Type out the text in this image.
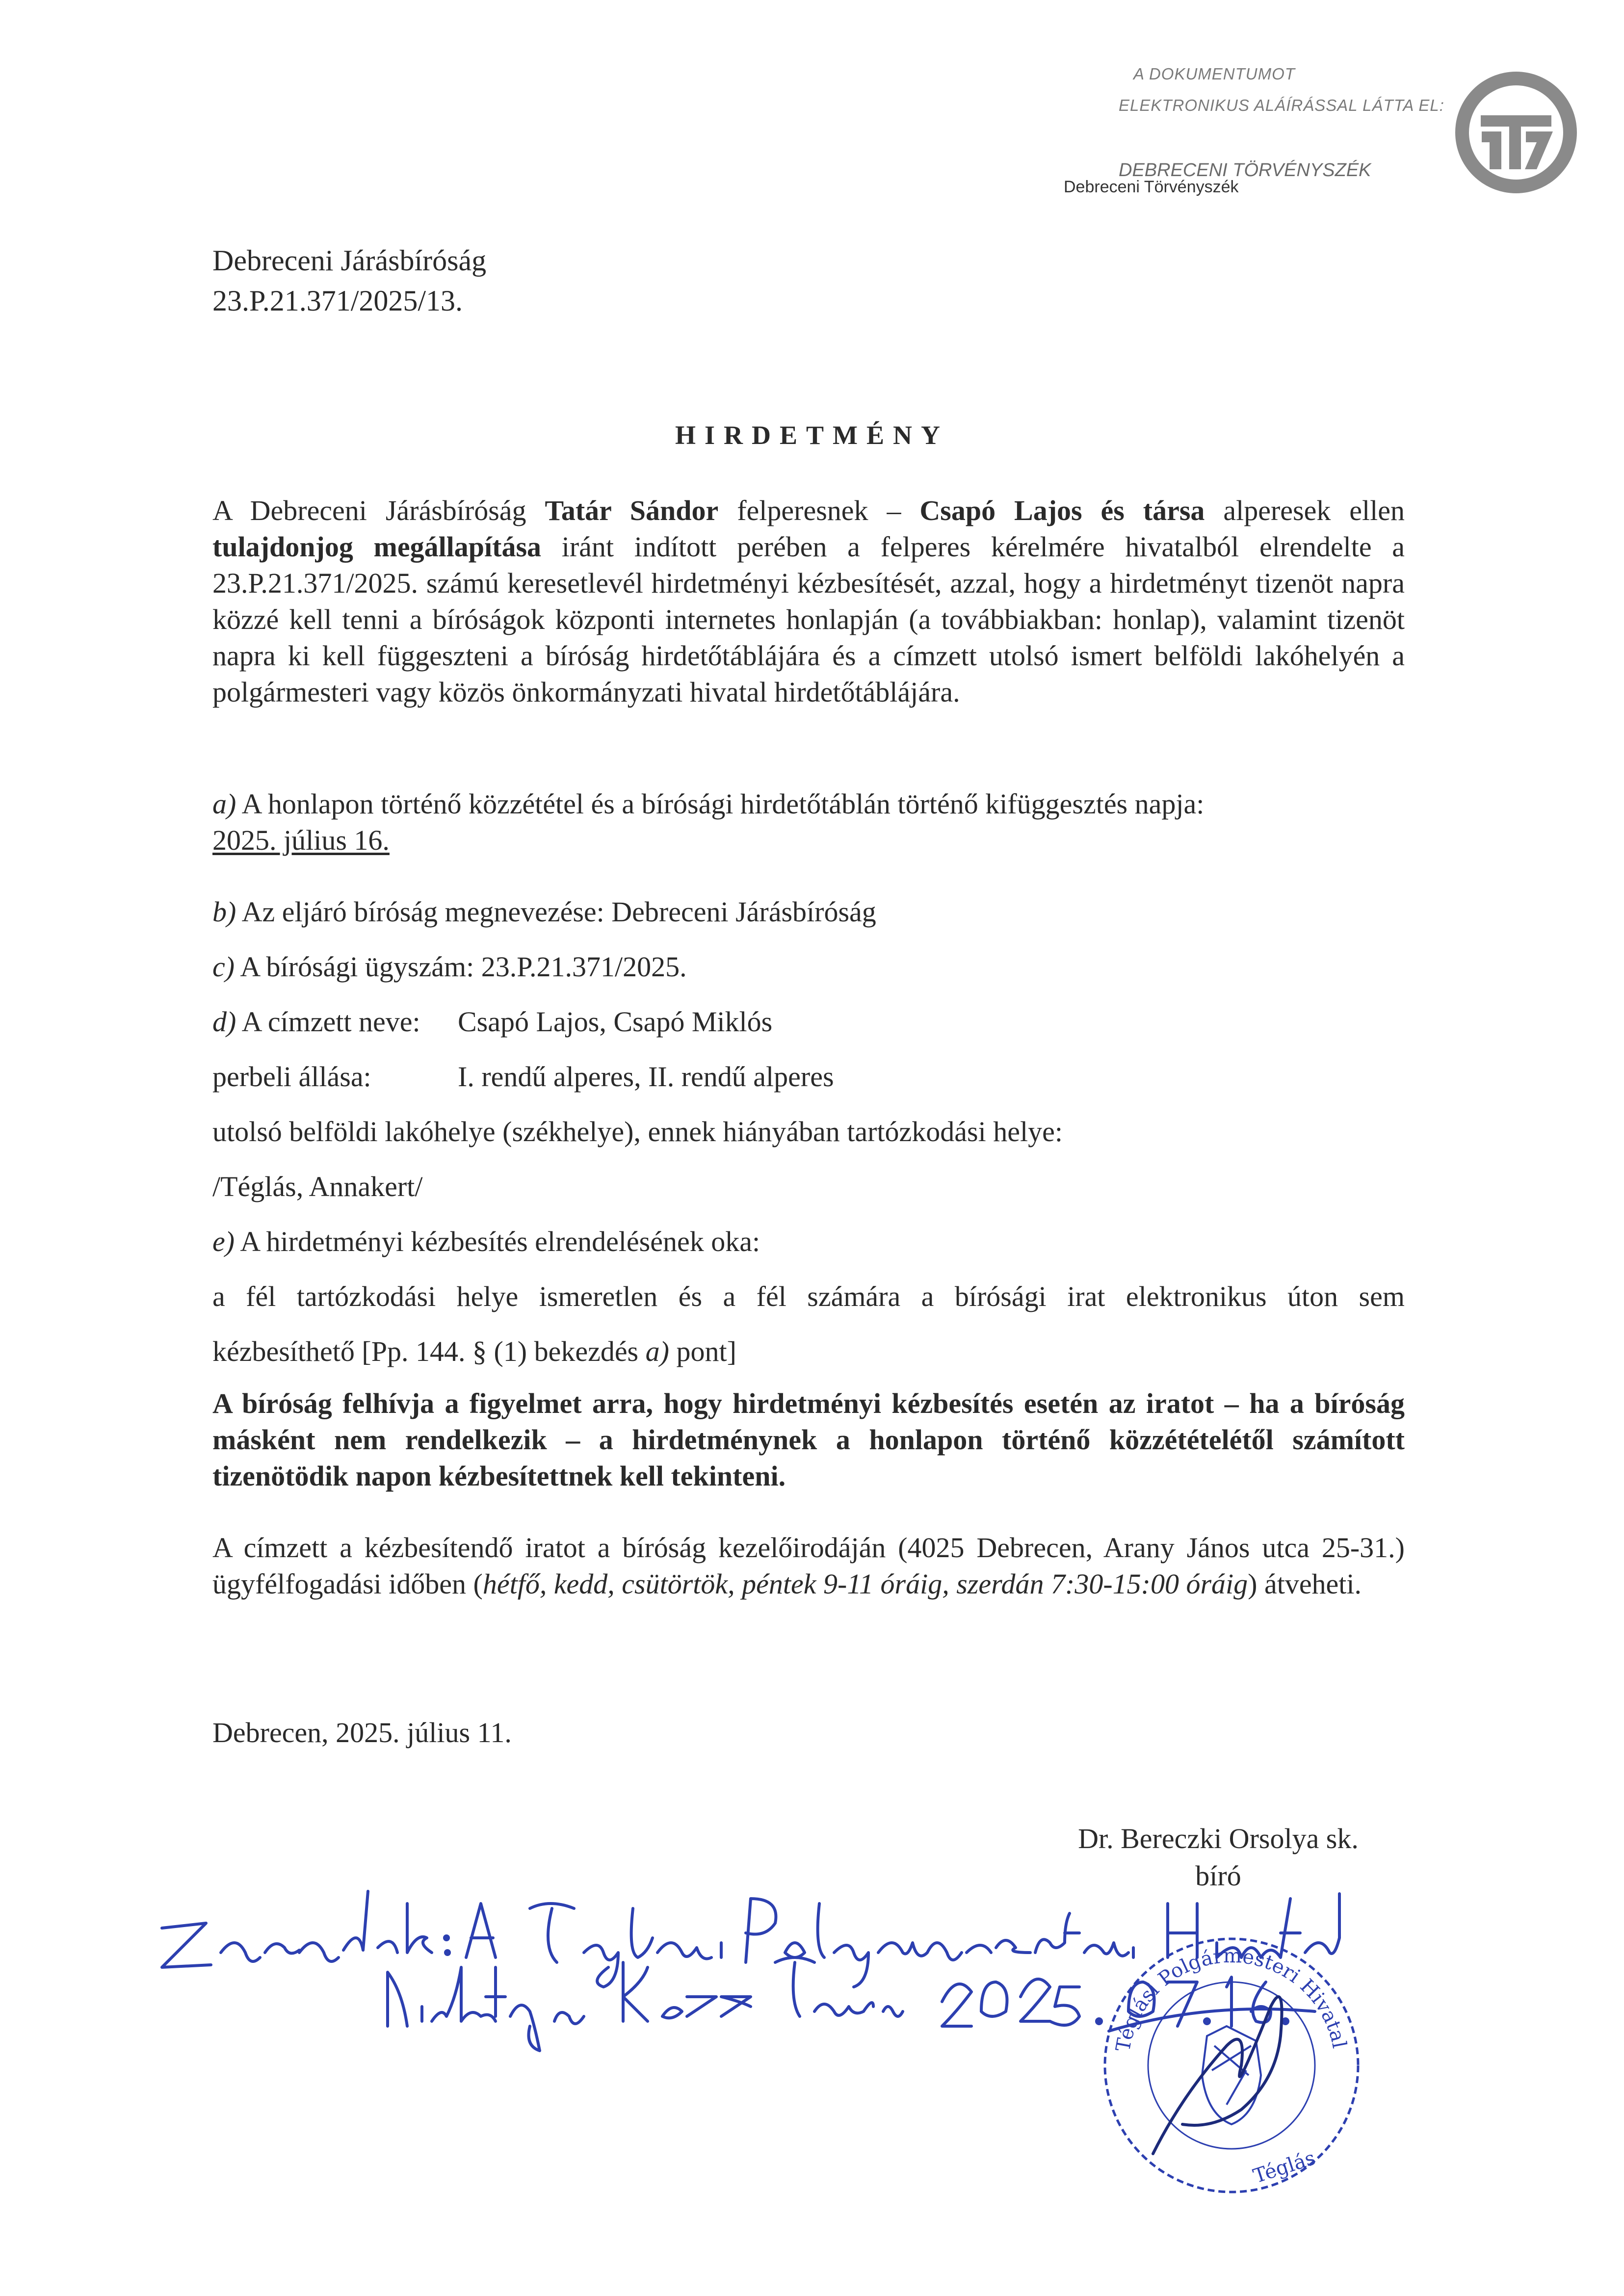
A DOKUMENTUMOT
ELEKTRONIKUS ALÁÍRÁSSAL LÁTTA EL:
DEBRECENI TÖRVÉNYSZÉK
Debreceni Törvényszék
Debreceni Járásbíróság
23.P.21.371/2025/13.
HIRDETMÉNY
A Debreceni Járásbíróság Tatár Sándor felperesnek – Csapó Lajos és társa alperesek ellen tulajdonjog megállapítása iránt indított perében a felperes kérelmére hivatalból elrendelte a 23.P.21.371/2025. számú keresetlevél hirdetményi kézbesítését, azzal, hogy a hirdetményt tizenöt napra közzé kell tenni a bíróságok központi internetes honlapján (a továbbiakban: honlap), valamint tizenöt napra ki kell függeszteni a bíróság hirdetőtáblájára és a címzett utolsó ismert belföldi lakóhelyén a polgármesteri vagy közös önkormányzati hivatal hirdetőtáblájára.
a) A honlapon történő közzététel és a bírósági hirdetőtáblán történő kifüggesztés napja:
2025. július 16.
b) Az eljáró bíróság megnevezése: Debreceni Járásbíróság
c) A bírósági ügyszám: 23.P.21.371/2025.
d) A címzett neve: Csapó Lajos, Csapó Miklós
perbeli állása:	I. rendű alperes, II. rendű alperes
utolsó belföldi lakóhelye (székhelye), ennek hiányában tartózkodási helye:
/Téglás, Annakert/
e) A hirdetményi kézbesítés elrendelésének oka:
a fél tartózkodási helye ismeretlen és a fél számára a bírósági irat elektronikus úton sem
kézbesíthető [Pp. 144. § (1) bekezdés a) pont]
A bíróság felhívja a figyelmet arra, hogy hirdetményi kézbesítés esetén az iratot – ha a bíróság másként nem rendelkezik – a hirdetménynek a honlapon történő közzétételétől számított tizenötödik napon kézbesítettnek kell tekinteni.
A címzett a kézbesítendő iratot a bíróság kezelőirodáján (4025 Debrecen, Arany János utca 25-31.) ügyfélfogadási időben (hétfő, kedd, csütörtök, péntek 9-11 óráig, szerdán 7:30-15:00 óráig) átveheti.
Debrecen, 2025. július 11.
Dr. Bereczki Orsolya sk.
bíró
Téglási Polgármesteri Hivatal
Téglás
